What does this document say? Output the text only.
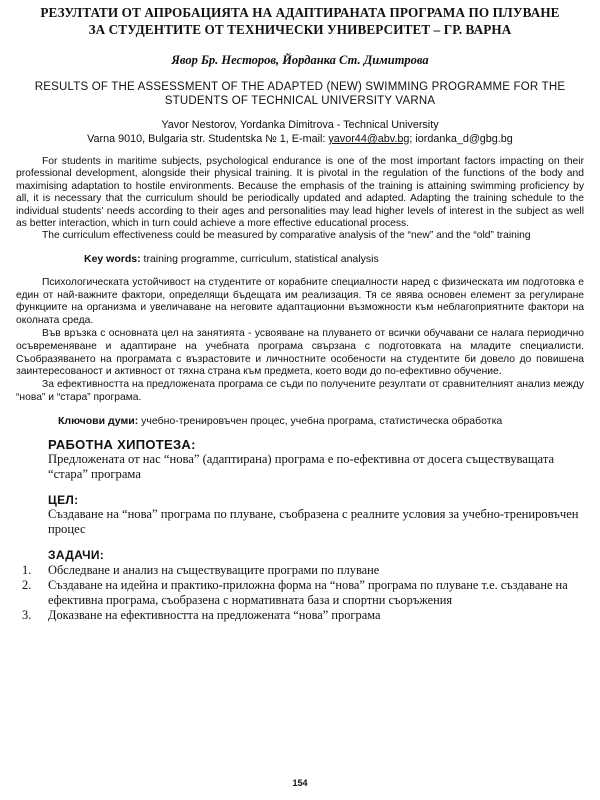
РЕЗУЛТАТИ ОТ АПРОБАЦИЯТА НА АДАПТИРАНАТА ПРОГРАМА ПО ПЛУВАНЕ
ЗА СТУДЕНТИТЕ ОТ ТЕХНИЧЕСКИ УНИВЕРСИТЕТ – ГР. ВАРНА
Явор Бр. Несторов, Йорданка Ст. Димитрова
RESULTS OF THE ASSESSMENT OF THE ADAPTED (NEW) SWIMMING PROGRAMME FOR THE
STUDENTS OF TECHNICAL UNIVERSITY VARNA
Yavor Nestorov, Yordanka Dimitrova - Technical University
Varna 9010, Bulgaria str. Studentska № 1, E-mail: yavor44@abv.bg; iordanka_d@gbg.bg

For students in maritime subjects, psychological endurance is one of the most important factors impacting on their professional development, alongside their physical training. It is pivotal in the regulation of the functions of the body and maximising adaptation to hostile environments. Because the emphasis of the training is attaining swimming proficiency by all, it is necessary that the curriculum should be periodically updated and adapted. Adapting the training schedule to the individual students' needs according to their ages and personalities may lead higher levels of interest in the subject as well as better interaction, which in turn could achieve a more effective educational process.

The curriculum effectiveness could be measured by comparative analysis of the “new” and the “old” training

Key words: training programme, curriculum, statistical analysis

Психологическата устойчивост на студентите от корабните специалности наред с физическата им подготовка е един от най-важните фактори, определящи бъдещата им реализация. Тя се явява основен елемент за регулиране функциите на организма и увеличаване на неговите адаптационни възможности към неблагоприятните фактори на околната среда.

Във връзка с основната цел на занятията - усвояване на плуването от всички обучавани се налага периодично осъвременяване и адаптиране на учебната програма свързана с подготовката на младите специалисти. Съобразяването на програмата с възрастовите и личностните особености на студентите би довело до повишена заинтересованост и активност от тяхна страна към предмета, което води до по-ефективно обучение.

За ефективността на предложената програма се съди по получените резултати от сравнителният анализ между “нова” и “стара” програма.

Ключови думи: учебно-тренировъчен процес, учебна програма, статистическа обработка
РАБОТНА ХИПОТЕЗА:

Предложената от нас “нова” (адаптирана) програма е по-ефективна от досега съществуващата “стара” програма

ЦЕЛ:

Създаване на “нова” програма по плуване, съобразена с реалните условия за учебно-тренировъчен процес

ЗАДАЧИ:
1.	Обследване и анализ на съществуващите програми по плуване
2.	Създаване на идейна и практико-приложна форма на “нова” програма по плуване т.е. създаване на ефективна програма, съобразена с нормативната база и спортни съоръжения
3.	Доказване на ефективността на предложената “нова” програма
154
